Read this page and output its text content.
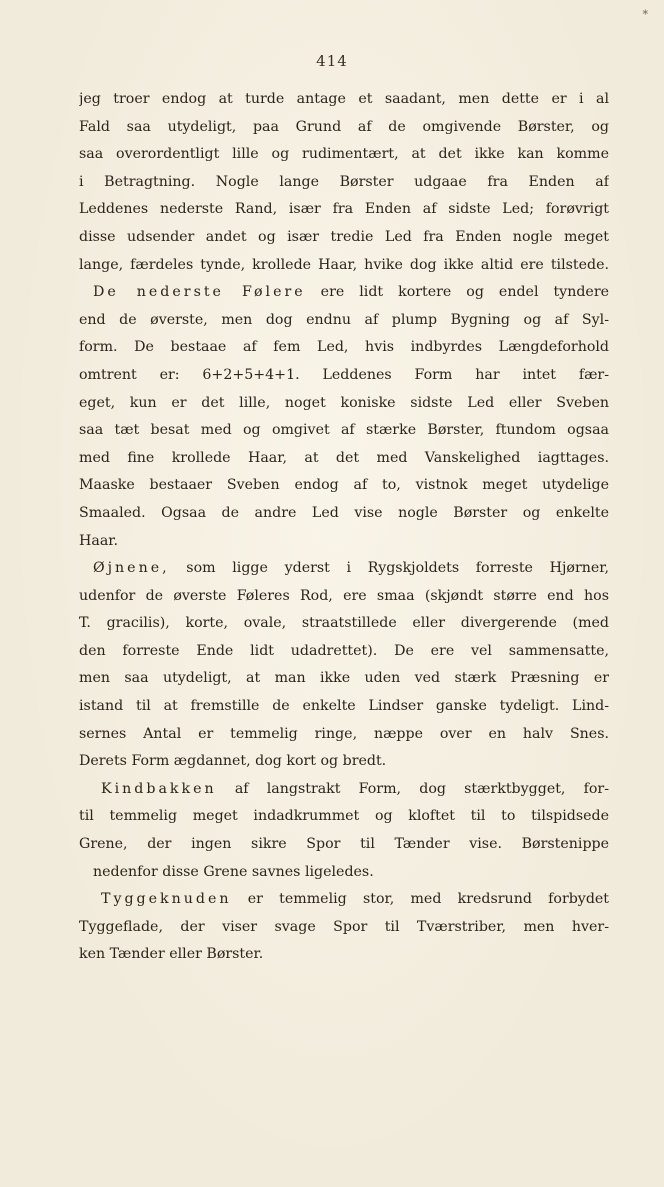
*
414
jeg troer endog at turde antage et saadant, men dette er i al
Fald saa utydeligt, paa Grund af de omgivende Børster, og
saa overordentligt lille og rudimentært, at det ikke kan komme
i Betragtning. Nogle lange Børster udgaae fra Enden af
Leddenes nederste Rand, især fra Enden af sidste Led; forøvrigt
disse udsender andet og især tredie Led fra Enden nogle meget
lange, færdeles tynde, krollede Haar, hvike dog ikke altid ere tilstede.
De nederste Følere ere lidt kortere og endel tyndere
end de øverste, men dog endnu af plump Bygning og af Syl-
form. De bestaae af fem Led, hvis indbyrdes Længdeforhold
omtrent er: 6+2+5+4+1. Leddenes Form har intet fær-
eget, kun er det lille, noget koniske sidste Led eller Sveben
saa tæt besat med og omgivet af stærke Børster, ftundom ogsaa
med fine krollede Haar, at det med Vanskelighed iagttages.
Maaske bestaaer Sveben endog af to, vistnok meget utydelige
Smaaled. Ogsaa de andre Led vise nogle Børster og enkelte
Haar.
Øjnene, som ligge yderst i Rygskjoldets forreste Hjørner,
udenfor de øverste Føleres Rod, ere smaa (skjøndt større end hos
T. gracilis), korte, ovale, straatstillede eller divergerende (med
den forreste Ende lidt udadrettet). De ere vel sammensatte,
men saa utydeligt, at man ikke uden ved stærk Præsning er
istand til at fremstille de enkelte Lindser ganske tydeligt. Lind-
sernes Antal er temmelig ringe, næppe over en halv Snes.
Derets Form ægdannet, dog kort og bredt.
Kindbakken af langstrakt Form, dog stærktbygget, for-
til temmelig meget indadkrummet og kloftet til to tilspidsede
Grene, der ingen sikre Spor til Tænder vise. Børstenippe
nedenfor disse Grene savnes ligeledes.
Tyggeknuden er temmelig stor, med kredsrund forbydet
Tyggeflade, der viser svage Spor til Tværstriber, men hver-
ken Tænder eller Børster.
